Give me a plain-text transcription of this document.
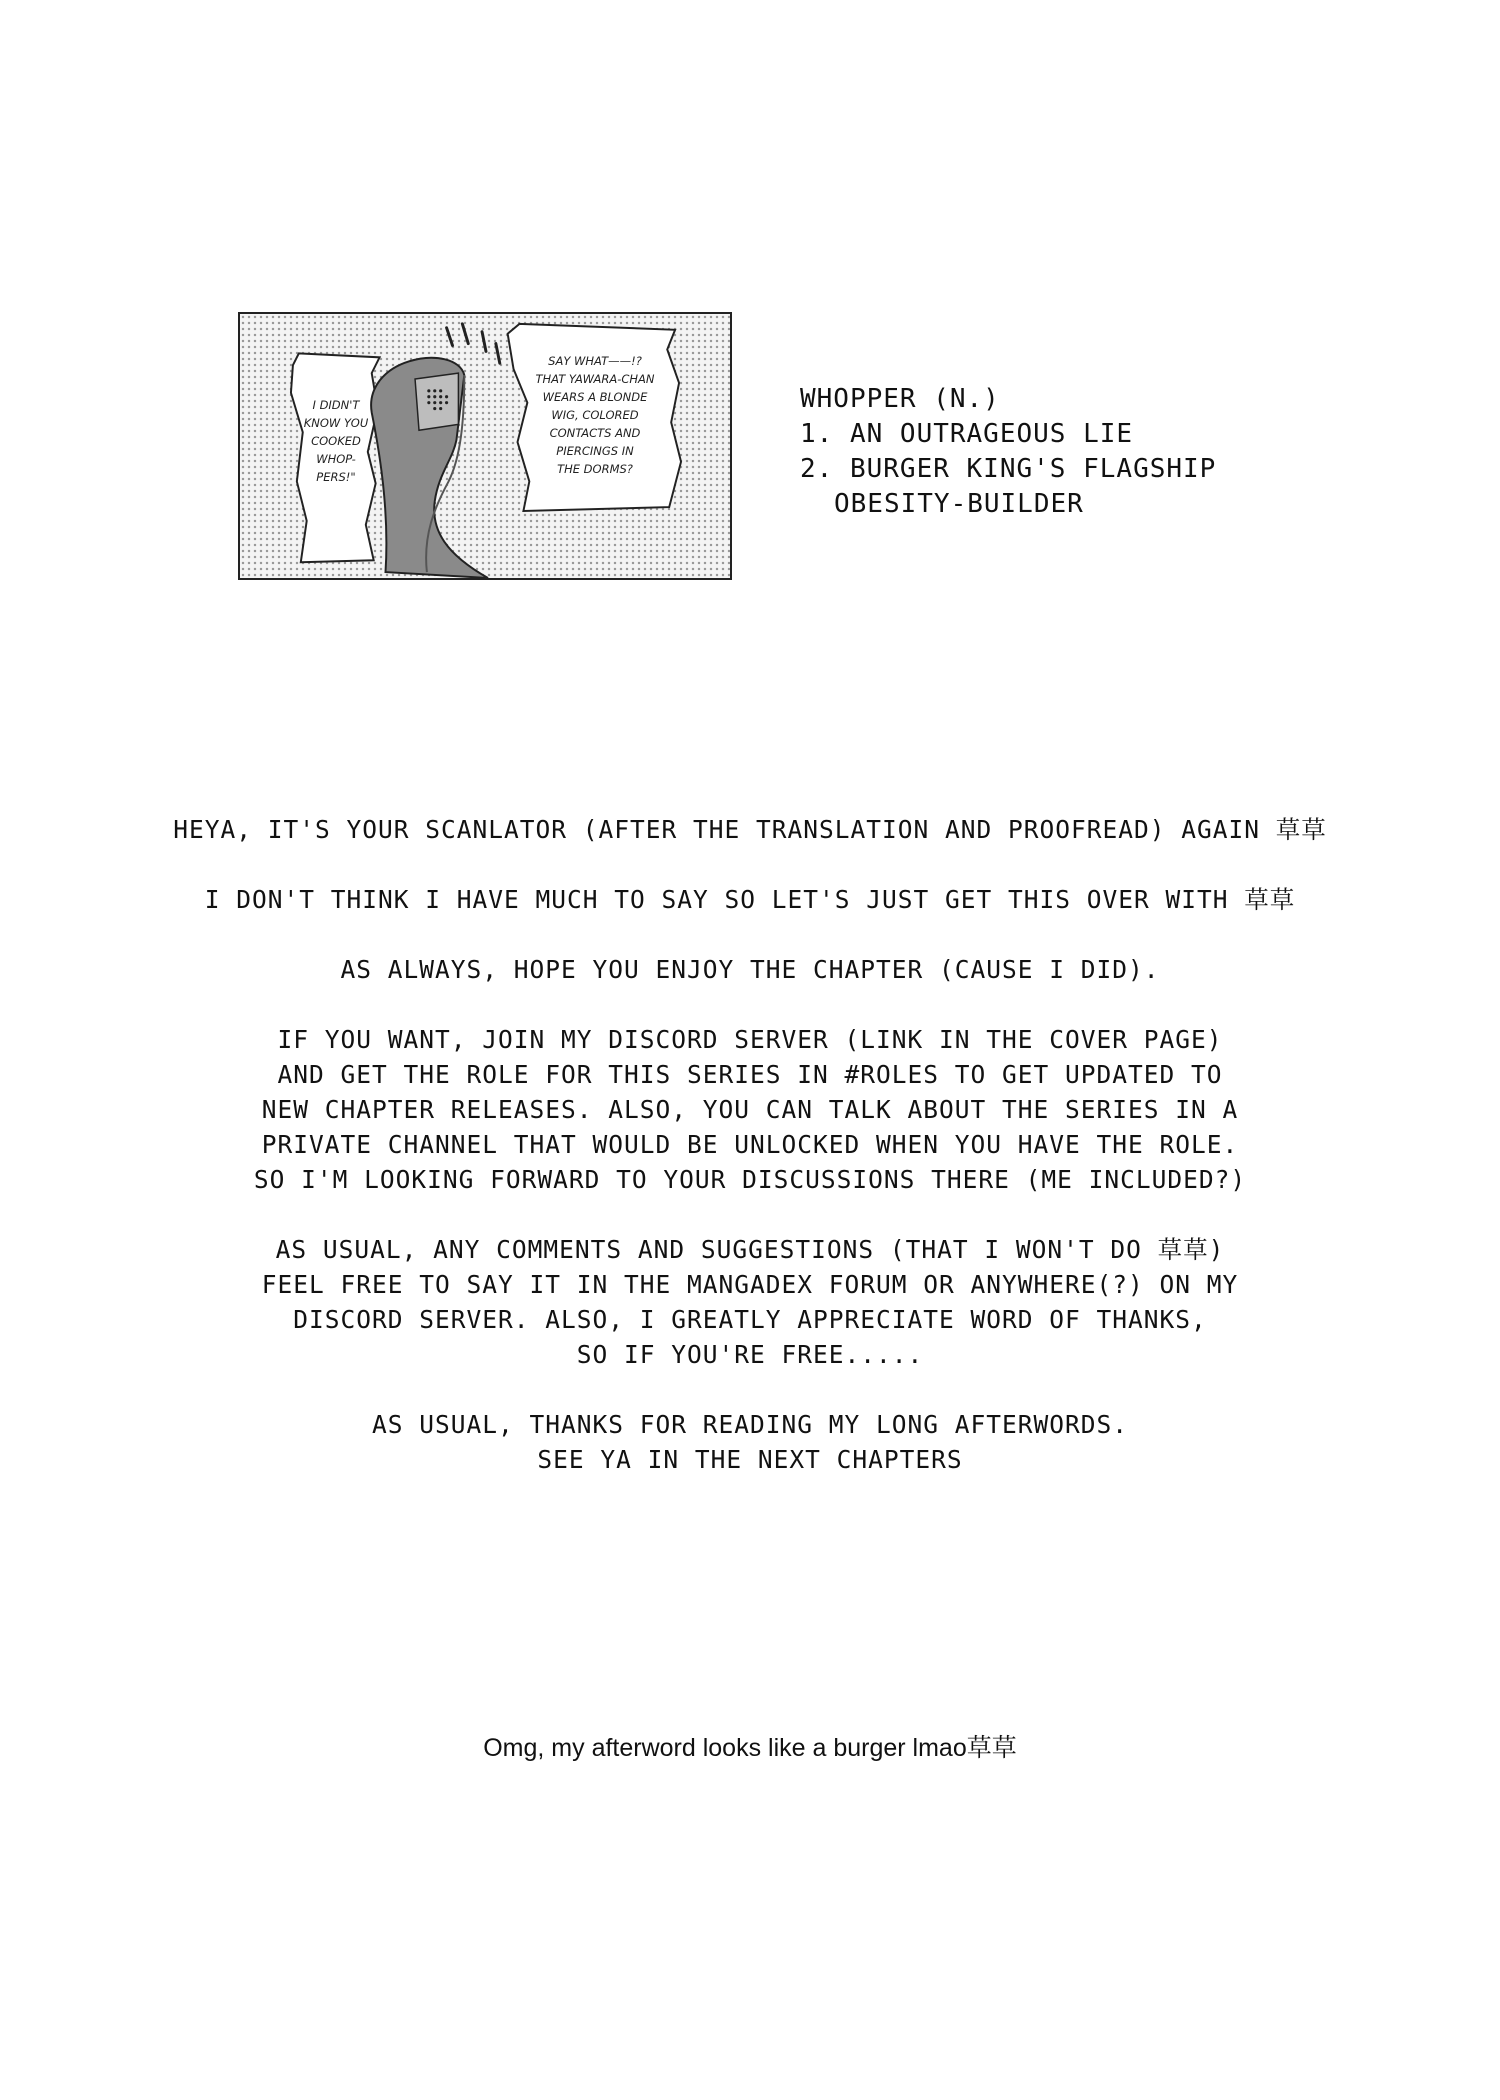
I DIDN'T
KNOW YOU
COOKED
WHOP-
PERS!"
SAY WHAT——!?
THAT YAWARA-CHAN
WEARS A BLONDE
WIG, COLORED
CONTACTS AND
PIERCINGS IN
THE DORMS?
WHOPPER (N.)
1. AN OUTRAGEOUS LIE
2. BURGER KING'S FLAGSHIP
OBESITY-BUILDER
HEYA, IT'S YOUR SCANLATOR (AFTER THE TRANSLATION AND PROOFREAD) AGAIN 草草
I DON'T THINK I HAVE MUCH TO SAY SO LET'S JUST GET THIS OVER WITH 草草
AS ALWAYS, HOPE YOU ENJOY THE CHAPTER (CAUSE I DID).
IF YOU WANT, JOIN MY DISCORD SERVER (LINK IN THE COVER PAGE)
AND GET THE ROLE FOR THIS SERIES IN #ROLES TO GET UPDATED TO
NEW CHAPTER RELEASES. ALSO, YOU CAN TALK ABOUT THE SERIES IN A
PRIVATE CHANNEL THAT WOULD BE UNLOCKED WHEN YOU HAVE THE ROLE.
SO I'M LOOKING FORWARD TO YOUR DISCUSSIONS THERE (ME INCLUDED?)
AS USUAL, ANY COMMENTS AND SUGGESTIONS (THAT I WON'T DO 草草)
FEEL FREE TO SAY IT IN THE MANGADEX FORUM OR ANYWHERE(?) ON MY
DISCORD SERVER. ALSO, I GREATLY APPRECIATE WORD OF THANKS,
SO IF YOU'RE FREE.....
AS USUAL, THANKS FOR READING MY LONG AFTERWORDS.
SEE YA IN THE NEXT CHAPTERS
Omg, my afterword looks like a burger lmao草草
